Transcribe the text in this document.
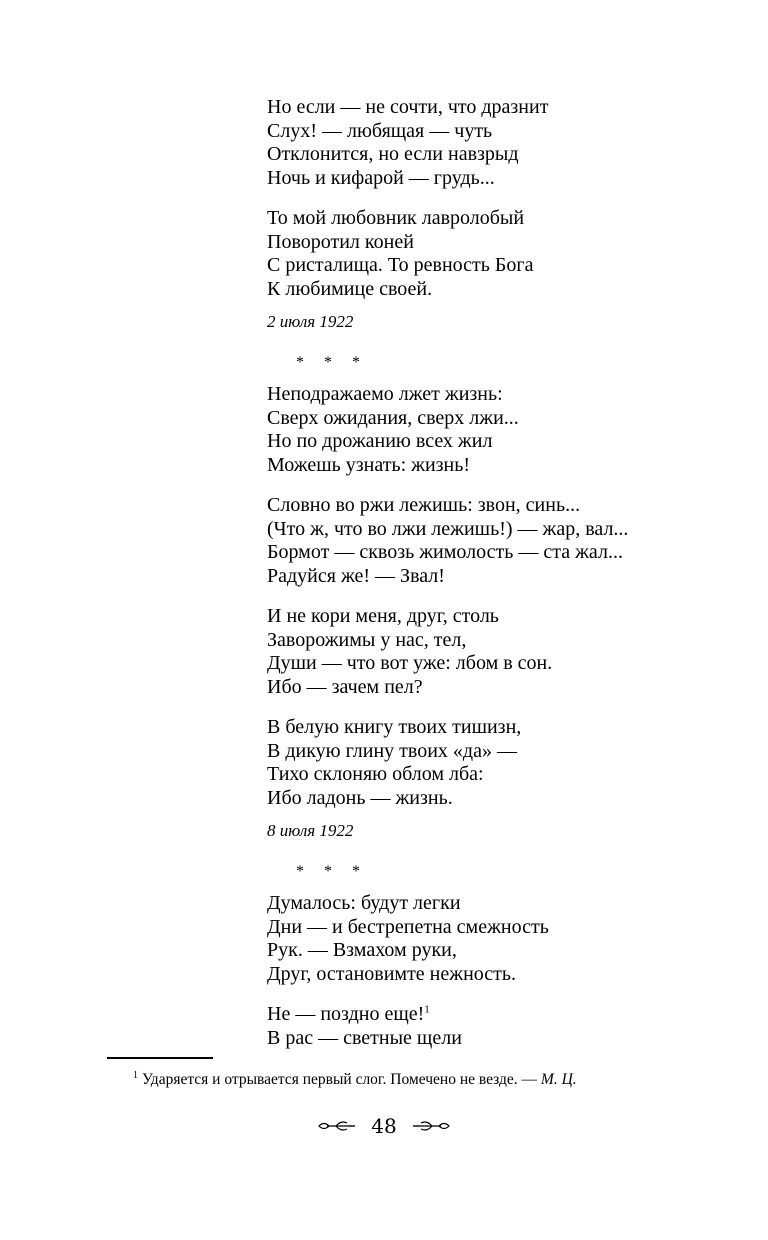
Но если — не сочти, что дразнит
Слух! — любящая — чуть
Отклонится, но если навзрыд
Ночь и кифарой — грудь...
То мой любовник лавролобый
Поворотил коней
С ристалища. То ревность Бога
К любимице своей.
2 июля 1922
* * *
Неподражаемо лжет жизнь:
Сверх ожидания, сверх лжи...
Но по дрожанию всех жил
Можешь узнать: жизнь!
Словно во ржи лежишь: звон, синь...
(Что ж, что во лжи лежишь!) — жар, вал...
Бормот — сквозь жимолость — ста жал...
Радуйся же! — Звал!
И не кори меня, друг, столь
Заворожимы у нас, тел,
Души — что вот уже: лбом в сон.
Ибо — зачем пел?
В белую книгу твоих тишизн,
В дикую глину твоих «да» —
Тихо склоняю облом лба:
Ибо ладонь — жизнь.
8 июля 1922
* * *
Думалось: будут легки
Дни — и бестрепетна смежность
Рук. — Взмахом руки,
Друг, остановимте нежность.
Не — поздно еще!$^1$
В рас — светные щели
$^1$ Ударяется и отрывается первый слог. Помечено не везде. — М. Ц.
48
